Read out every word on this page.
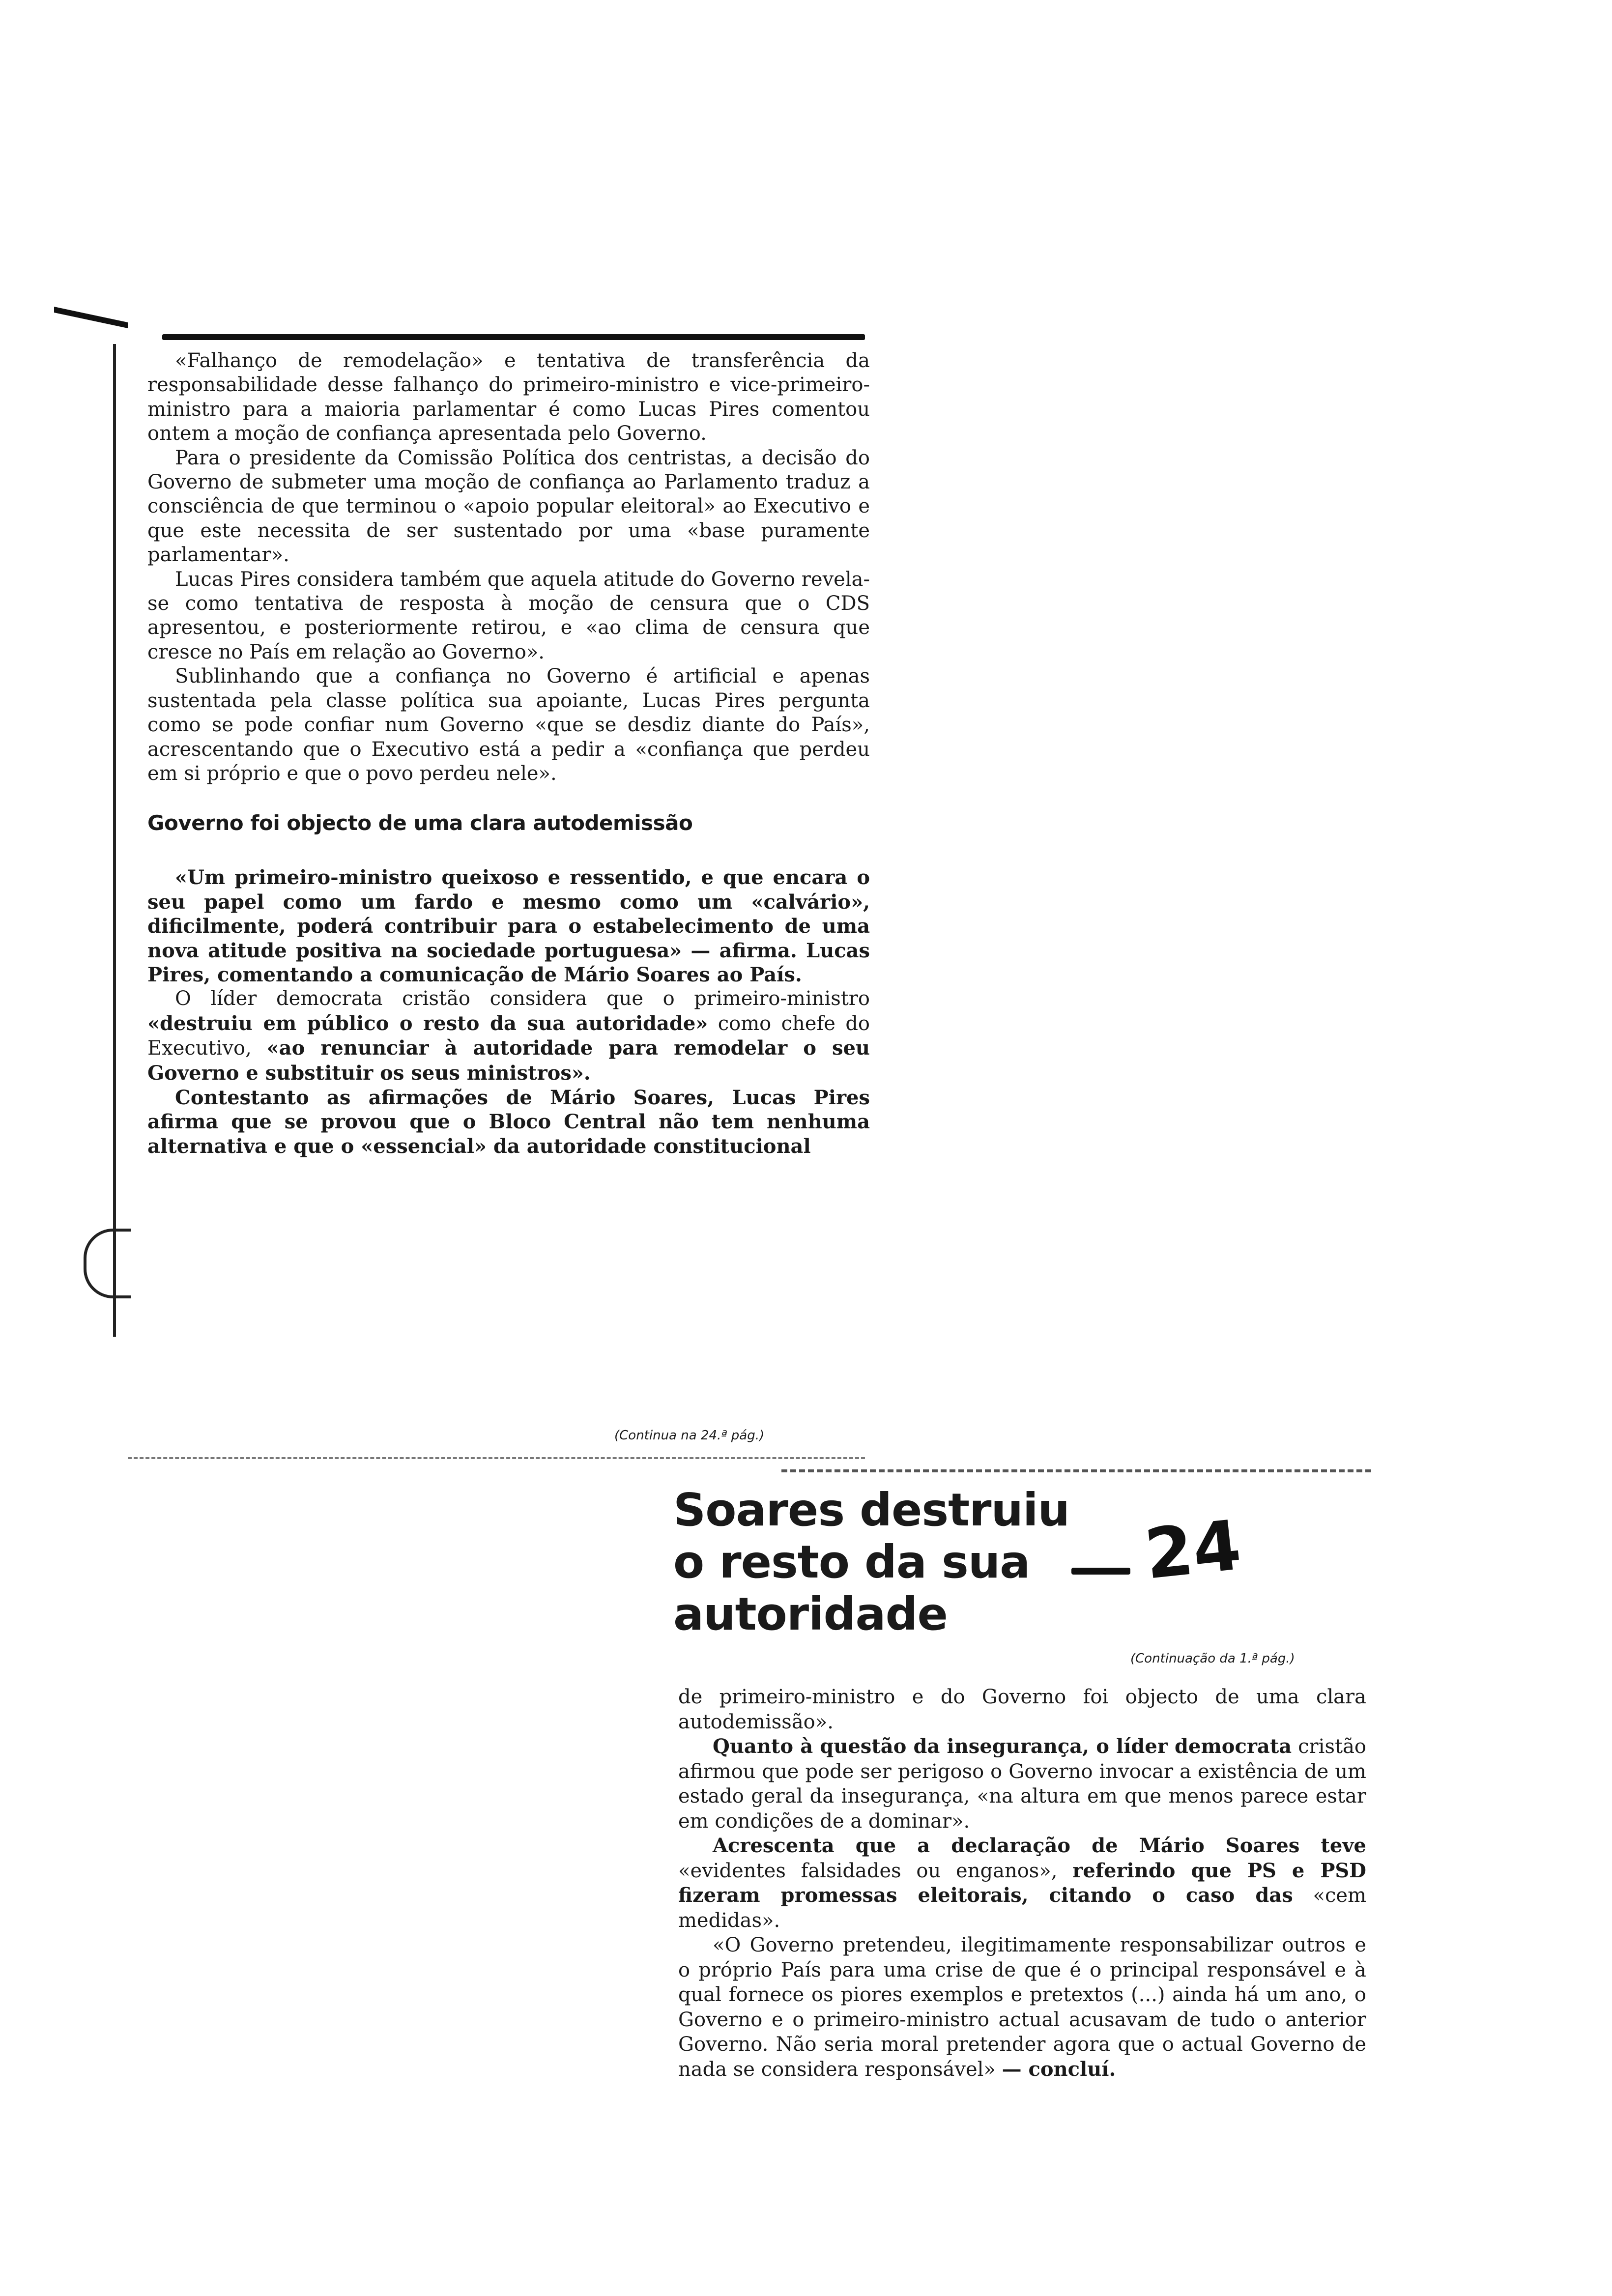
«Falhanço de remodelação» e tentativa de transferência da responsabilidade desse falhanço do primeiro-ministro e vice-primeiro-ministro para a maioria parlamentar é como Lucas Pires comentou ontem a moção de confiança apresentada pelo Governo.

Para o presidente da Comissão Política dos centristas, a decisão do Governo de submeter uma moção de confiança ao Parlamento traduz a consciência de que terminou o «apoio popular eleitoral» ao Executivo e que este necessita de ser sustentado por uma «base puramente parlamentar».

Lucas Pires considera também que aquela atitude do Governo revela-se como tentativa de resposta à moção de censura que o CDS apresentou, e posteriormente retirou, e «ao clima de censura que cresce no País em relação ao Governo».

Sublinhando que a confiança no Governo é artificial e apenas sustentada pela classe política sua apoiante, Lucas Pires pergunta como se pode confiar num Governo «que se desdiz diante do País», acrescentando que o Executivo está a pedir a «confiança que perdeu em si próprio e que o povo perdeu nele».

Governo foi objecto de uma clara autodemissão

«Um primeiro-ministro queixoso e ressentido, e que encara o seu papel como um fardo e mesmo como um «calvário», dificilmente, poderá contribuir para o estabelecimento de uma nova atitude positiva na sociedade portuguesa» — afirma. Lucas Pires, comentando a comunicação de Mário Soares ao País.

O líder democrata cristão considera que o primeiro-ministro «destruiu em público o resto da sua autoridade» como chefe do Executivo, «ao renunciar à autoridade para remodelar o seu Governo e substituir os seus ministros».

Contestanto as afirmações de Mário Soares, Lucas Pires afirma que se provou que o Bloco Central não tem nenhuma alternativa e que o «essencial» da autoridade constitucional

(Continua na 24.ª pág.)
Soares destruiu
o resto da sua
autoridade
24
(Continuação da 1.ª pág.)

de primeiro-ministro e do Governo foi objecto de uma clara autodemissão».

Quanto à questão da insegurança, o líder democrata cristão afirmou que pode ser perigoso o Governo invocar a existência de um estado geral da insegurança, «na altura em que menos parece estar em condições de a dominar».

Acrescenta que a declaração de Mário Soares teve «evidentes falsidades ou enganos», referindo que PS e PSD fizeram promessas eleitorais, citando o caso das «cem medidas».

«O Governo pretendeu, ilegitimamente responsabilizar outros e o próprio País para uma crise de que é o principal responsável e à qual fornece os piores exemplos e pretextos (...) ainda há um ano, o Governo e o primeiro-ministro actual acusavam de tudo o anterior Governo. Não seria moral pretender agora que o actual Governo de nada se considera responsável» — concluí.
